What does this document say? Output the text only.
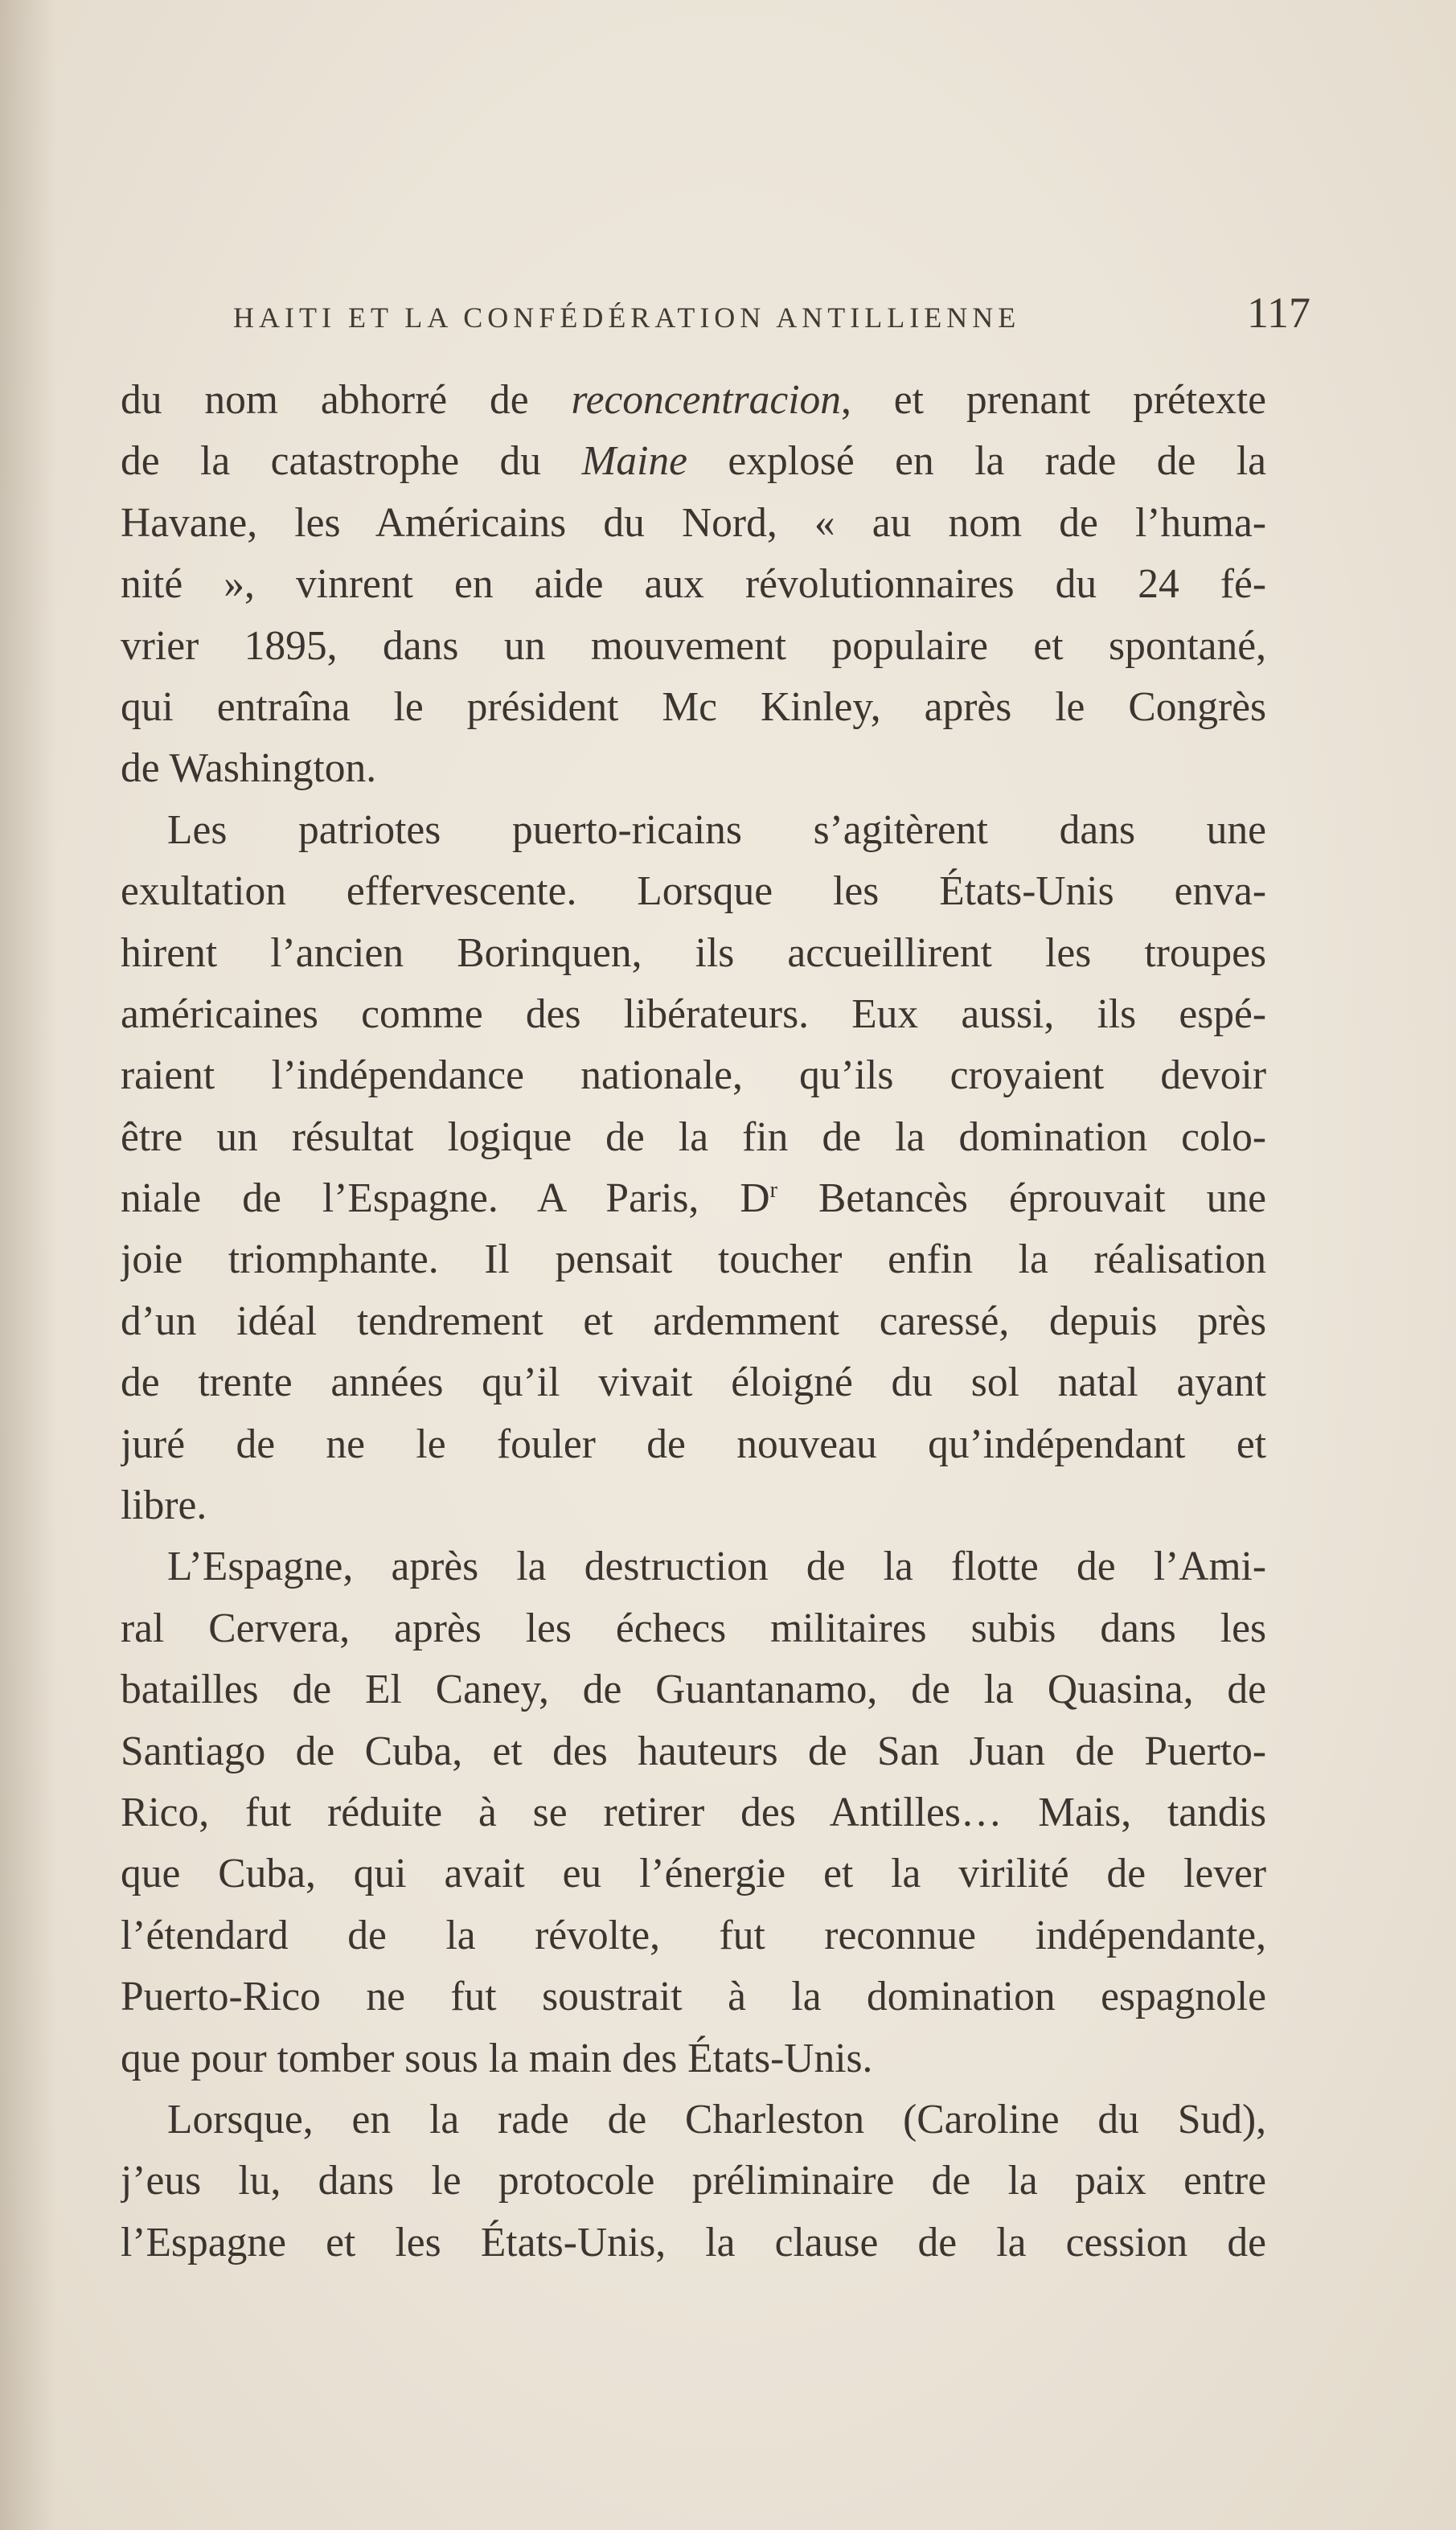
HAITI ET LA CONFÉDÉRATION ANTILLIENNE	117
du nom abhorré de reconcentracion, et prenant prétexte
de la catastrophe du Maine explosé en la rade de la
Havane, les Américains du Nord, « au nom de l’huma-
nité », vinrent en aide aux révolutionnaires du 24 fé-
vrier 1895, dans un mouvement populaire et spontané,
qui entraîna le président Mc Kinley, après le Congrès
de Washington.
Les patriotes puerto-ricains s’agitèrent dans une
exultation effervescente. Lorsque les États-Unis enva-
hirent l’ancien Borinquen, ils accueillirent les troupes
américaines comme des libérateurs. Eux aussi, ils espé-
raient l’indépendance nationale, qu’ils croyaient devoir
être un résultat logique de la fin de la domination colo-
niale de l’Espagne. A Paris, $D^r$ Betancès éprouvait une
joie triomphante. Il pensait toucher enfin la réalisation
d’un idéal tendrement et ardemment caressé, depuis près
de trente années qu’il vivait éloigné du sol natal ayant
juré de ne le fouler de nouveau qu’indépendant et
libre.
L’Espagne, après la destruction de la flotte de l’Ami-
ral Cervera, après les échecs militaires subis dans les
batailles de El Caney, de Guantanamo, de la Quasina, de
Santiago de Cuba, et des hauteurs de San Juan de Puerto-
Rico, fut réduite à se retirer des Antilles… Mais, tandis
que Cuba, qui avait eu l’énergie et la virilité de lever
l’étendard de la révolte, fut reconnue indépendante,
Puerto-Rico ne fut soustrait à la domination espagnole
que pour tomber sous la main des États-Unis.
Lorsque, en la rade de Charleston (Caroline du Sud),
j’eus lu, dans le protocole préliminaire de la paix entre
l’Espagne et les États-Unis, la clause de la cession de
